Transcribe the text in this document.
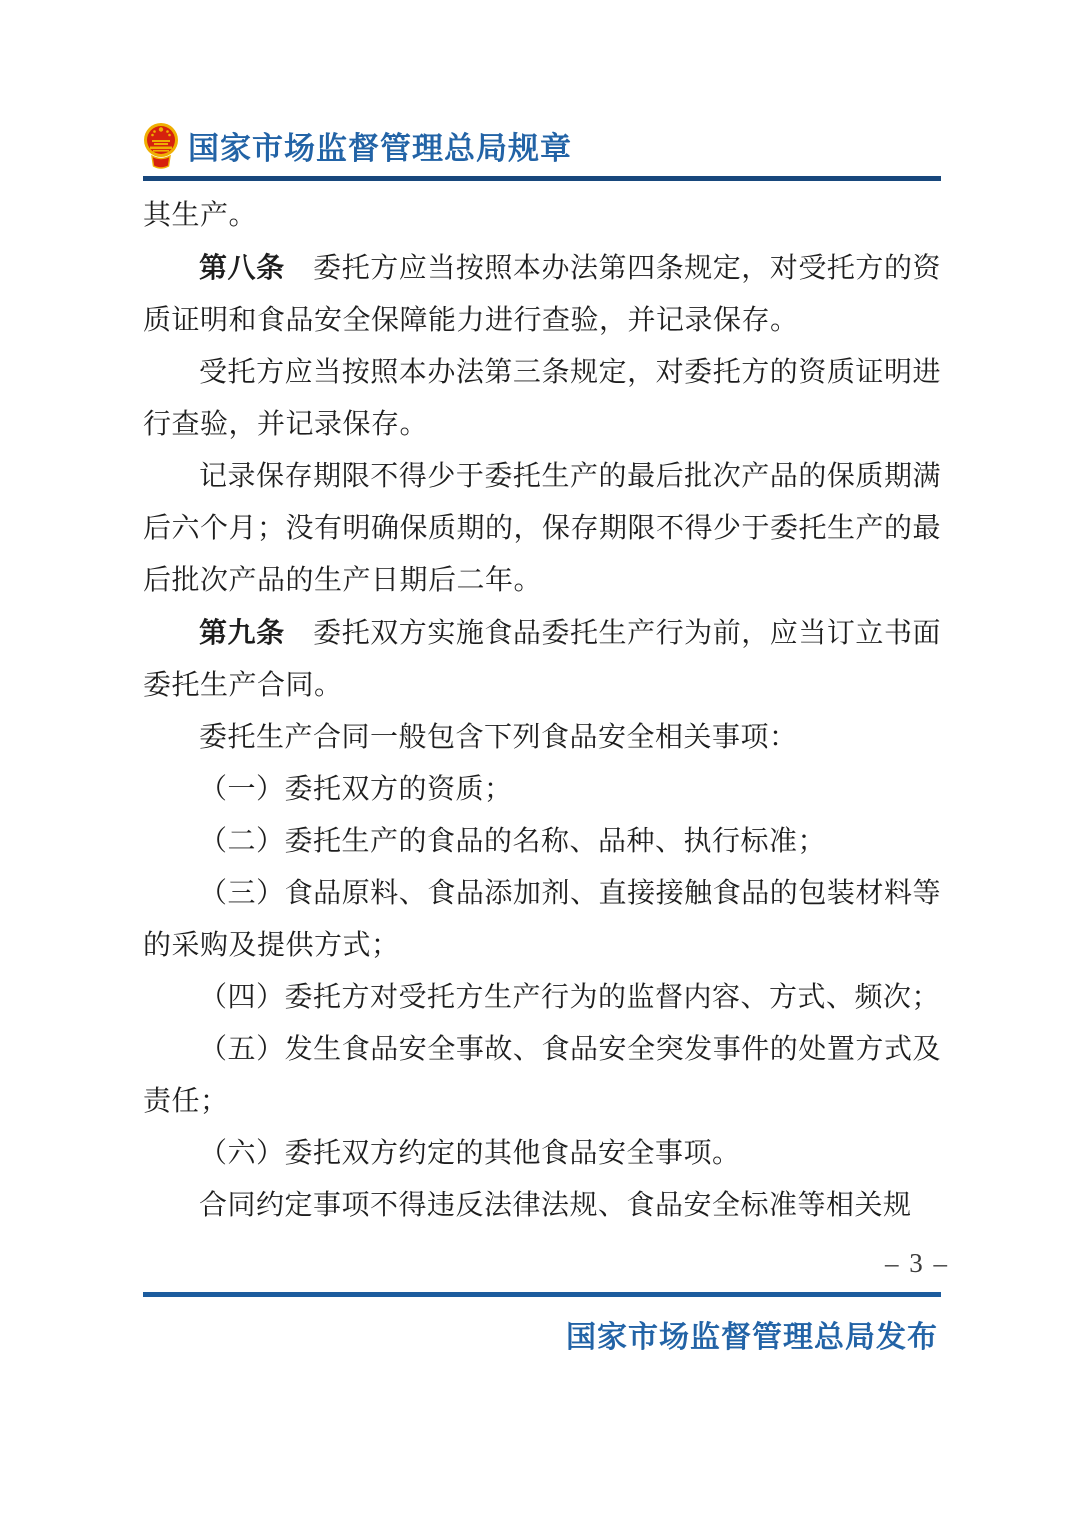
国家市场监督管理总局规章

其生产。

第八条　委托方应当按照本办法第四条规定，对受托方的资质证明和食品安全保障能力进行查验，并记录保存。

受托方应当按照本办法第三条规定，对委托方的资质证明进行查验，并记录保存。

记录保存期限不得少于委托生产的最后批次产品的保质期满后六个月；没有明确保质期的，保存期限不得少于委托生产的最后批次产品的生产日期后二年。

第九条　委托双方实施食品委托生产行为前，应当订立书面委托生产合同。

委托生产合同一般包含下列食品安全相关事项：

（一）委托双方的资质；

（二）委托生产的食品的名称、品种、执行标准；

（三）食品原料、食品添加剂、直接接触食品的包装材料等的采购及提供方式；

（四）委托方对受托方生产行为的监督内容、方式、频次；

（五）发生食品安全事故、食品安全突发事件的处置方式及责任；

（六）委托双方约定的其他食品安全事项。

合同约定事项不得违反法律法规、食品安全标准等相关规

– 3 –
国家市场监督管理总局发布
